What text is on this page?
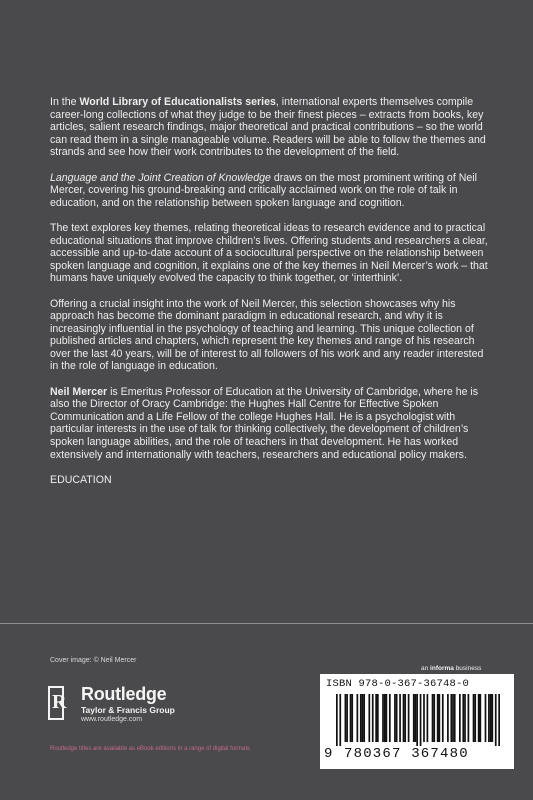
In the World Library of Educationalists series, international experts themselves compile career-long collections of what they judge to be their finest pieces – extracts from books, key articles, salient research findings, major theoretical and practical contributions – so the world can read them in a single manageable volume. Readers will be able to follow the themes and strands and see how their work contributes to the development of the field.

Language and the Joint Creation of Knowledge draws on the most prominent writing of Neil Mercer, covering his ground-breaking and critically acclaimed work on the role of talk in education, and on the relationship between spoken language and cognition.

The text explores key themes, relating theoretical ideas to research evidence and to practical educational situations that improve children’s lives. Offering students and researchers a clear, accessible and up-to-date account of a sociocultural perspective on the relationship between spoken language and cognition, it explains one of the key themes in Neil Mercer’s work – that humans have uniquely evolved the capacity to think together, or ‘interthink’.

Offering a crucial insight into the work of Neil Mercer, this selection showcases why his approach has become the dominant paradigm in educational research, and why it is increasingly influential in the psychology of teaching and learning. This unique collection of published articles and chapters, which represent the key themes and range of his research over the last 40 years, will be of interest to all followers of his work and any reader interested in the role of language in education.

Neil Mercer is Emeritus Professor of Education at the University of Cambridge, where he is also the Director of Oracy Cambridge: the Hughes Hall Centre for Effective Spoken Communication and a Life Fellow of the college Hughes Hall. He is a psychologist with particular interests in the use of talk for thinking collectively, the development of children’s spoken language abilities, and the role of teachers in that development. He has worked extensively and internationally with teachers, researchers and educational policy makers.

EDUCATION

Cover image: © Neil Mercer
R Routledge
Taylor & Francis Group
www.routledge.com
Routledge titles are available as eBook editions in a range of digital formats
an informa business
ISBN 978-0-367-36748-0
9 780367 367480
